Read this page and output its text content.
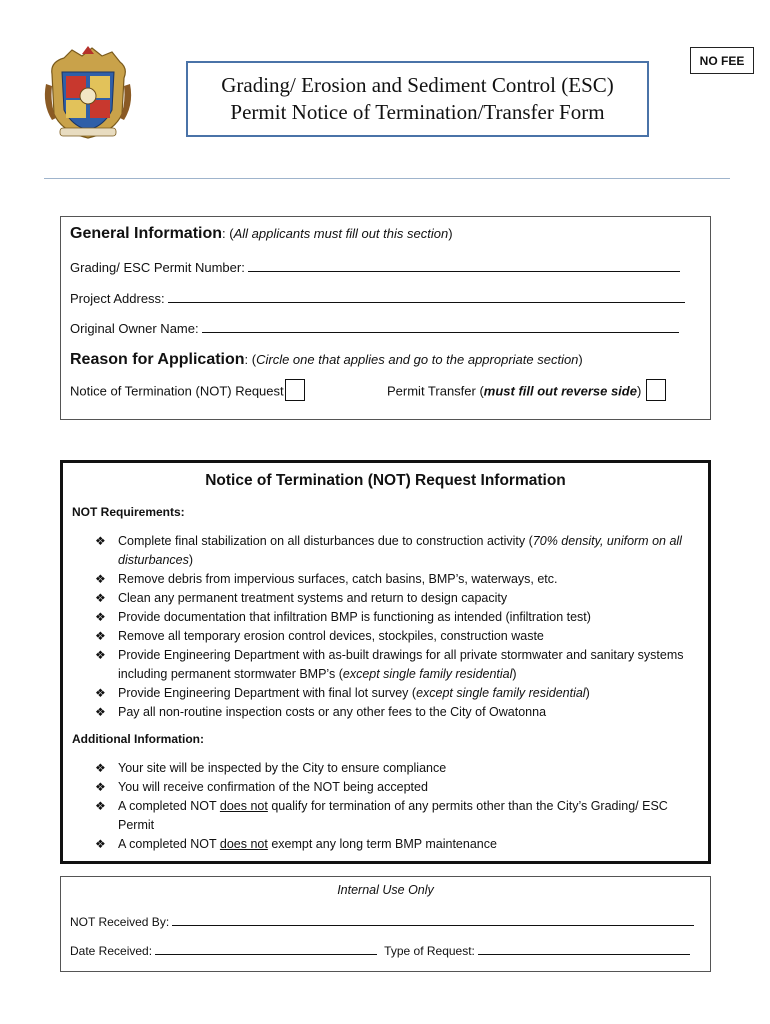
NO FEE
Grading/ Erosion and Sediment Control (ESC)
Permit Notice of Termination/Transfer Form
General Information: (All applicants must fill out this section)
Grading/ ESC Permit Number:
Project Address:
Original Owner Name:
Reason for Application: (Circle one that applies and go to the appropriate section)
Notice of Termination (NOT) Request	Permit Transfer (must fill out reverse side)
Notice of Termination (NOT) Request Information
NOT Requirements:
❖ Complete final stabilization on all disturbances due to construction activity (70% density, uniform on all disturbances)
❖ Remove debris from impervious surfaces, catch basins, BMP’s, waterways, etc.
❖ Clean any permanent treatment systems and return to design capacity
❖ Provide documentation that infiltration BMP is functioning as intended (infiltration test)
❖ Remove all temporary erosion control devices, stockpiles, construction waste
❖ Provide Engineering Department with as-built drawings for all private stormwater and sanitary systems including permanent stormwater BMP’s (except single family residential)
❖ Provide Engineering Department with final lot survey (except single family residential)
❖ Pay all non-routine inspection costs or any other fees to the City of Owatonna
Additional Information:
❖ Your site will be inspected by the City to ensure compliance
❖ You will receive confirmation of the NOT being accepted
❖ A completed NOT does not qualify for termination of any permits other than the City’s Grading/ ESC Permit
❖ A completed NOT does not exempt any long term BMP maintenance
Internal Use Only
NOT Received By:
Date Received:	Type of Request:
